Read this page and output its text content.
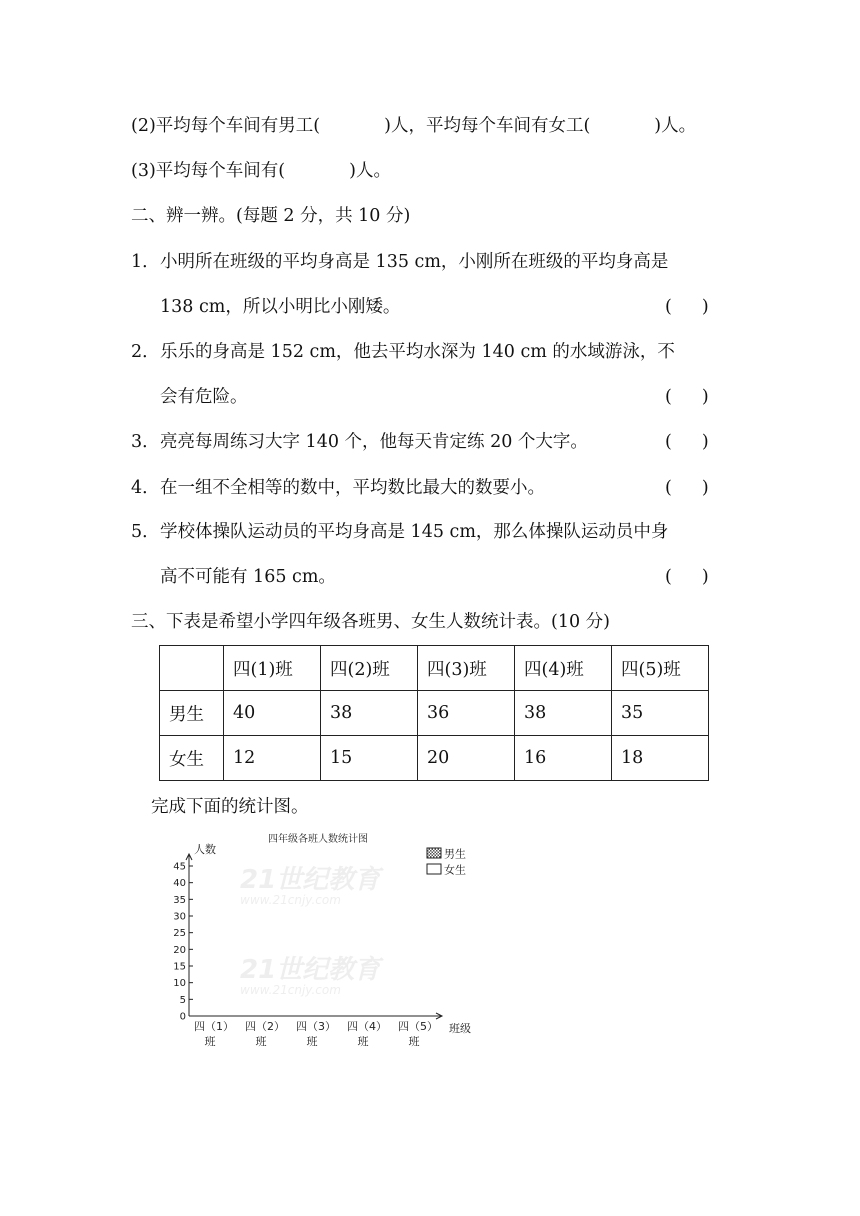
(2)平均每个车间有男工(	)人，平均每个车间有女工(	)人。
(3)平均每个车间有(	)人。
二、辨一辨。(每题 2 分，共 10 分)
1． 小明所在班级的平均身高是 135 cm，小刚所在班级的平均身高是
138 cm，所以小明比小刚矮。	( )
2． 乐乐的身高是 152 cm，他去平均水深为 140 cm 的水域游泳，不
会有危险。	( )
3． 亮亮每周练习大字 140 个，他每天肯定练 20 个大字。	( )
4． 在一组不全相等的数中，平均数比最大的数要小。	( )
5． 学校体操队运动员的平均身高是 145 cm，那么体操队运动员中身
高不可能有 165 cm。	( )
三、下表是希望小学四年级各班男、女生人数统计表。(10 分)
	四(1)班	四(2)班	四(3)班	四(4)班	四(5)班
男生	40	38	36	38	35
女生	12	15	20	16	18
完成下面的统计图。
21世纪教育
www.21cnjy.com
21世纪教育
www.21cnjy.com
四年级各班人数统计图
人数
班级
男生
女生
0
5
10
15
20
25
30
35
40
45
四（1）
班
四（2）
班
四（3）
班
四（4）
班
四（5）
班
